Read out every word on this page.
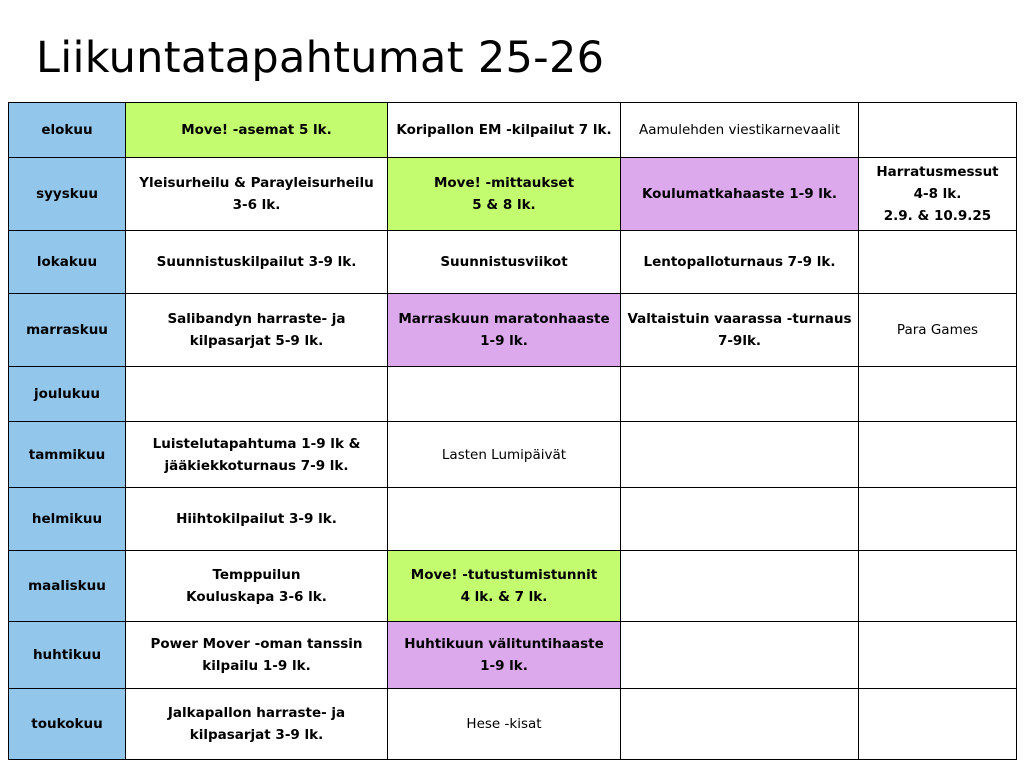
Liikuntatapahtumat 25-26
elokuu	Move! -asemat 5 lk.	Koripallon EM -kilpailut 7 lk.	Aamulehden viestikarnevaalit	

syyskuu	Yleisurheilu & Parayleisurheilu
3-6 lk.	Move! -mittaukset
5 & 8 lk.	Koulumatkahaaste 1-9 lk.	Harratusmessut
4-8 lk.
2.9. & 10.9.25

lokakuu	Suunnistuskilpailut 3-9 lk.	Suunnistusviikot	Lentopalloturnaus 7-9 lk.	

marraskuu	Salibandyn harraste- ja
kilpasarjat 5-9 lk.	Marraskuun maratonhaaste
1-9 lk.	Valtaistuin vaarassa -turnaus
7-9lk.	Para Games

joulukuu				
tammikuu	Luistelutapahtuma 1-9 lk &
jääkiekkoturnaus 7-9 lk.	Lasten Lumipäivät		

helmikuu	Hiihtokilpailut 3-9 lk.			

maaliskuu	Temppuilun
Kouluskapa 3-6 lk.	Move! -tutustumistunnit
4 lk. & 7 lk.		

huhtikuu	Power Mover -oman tanssin
kilpailu 1-9 lk.	Huhtikuun välituntihaaste
1-9 lk.		

toukokuu	Jalkapallon harraste- ja
kilpasarjat 3-9 lk.	Hese -kisat		
